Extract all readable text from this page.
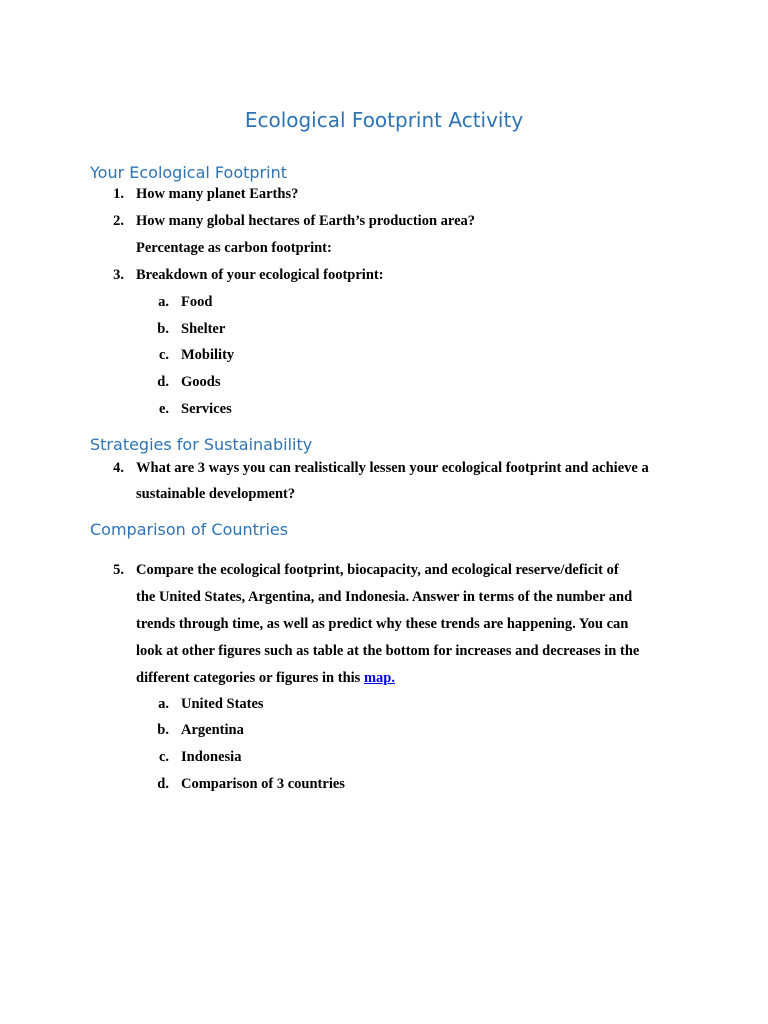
Ecological Footprint Activity
Your Ecological Footprint
1. How many planet Earths?
2. How many global hectares of Earth’s production area?
Percentage as carbon footprint:
3. Breakdown of your ecological footprint:
a. Food
b. Shelter
c. Mobility
d. Goods
e. Services
Strategies for Sustainability
4. What are 3 ways you can realistically lessen your ecological footprint and achieve a
sustainable development?
Comparison of Countries
5. Compare the ecological footprint, biocapacity, and ecological reserve/deficit of
the United States, Argentina, and Indonesia. Answer in terms of the number and
trends through time, as well as predict why these trends are happening. You can
look at other figures such as table at the bottom for increases and decreases in the
different categories or figures in this map.
a. United States
b. Argentina
c. Indonesia
d. Comparison of 3 countries
